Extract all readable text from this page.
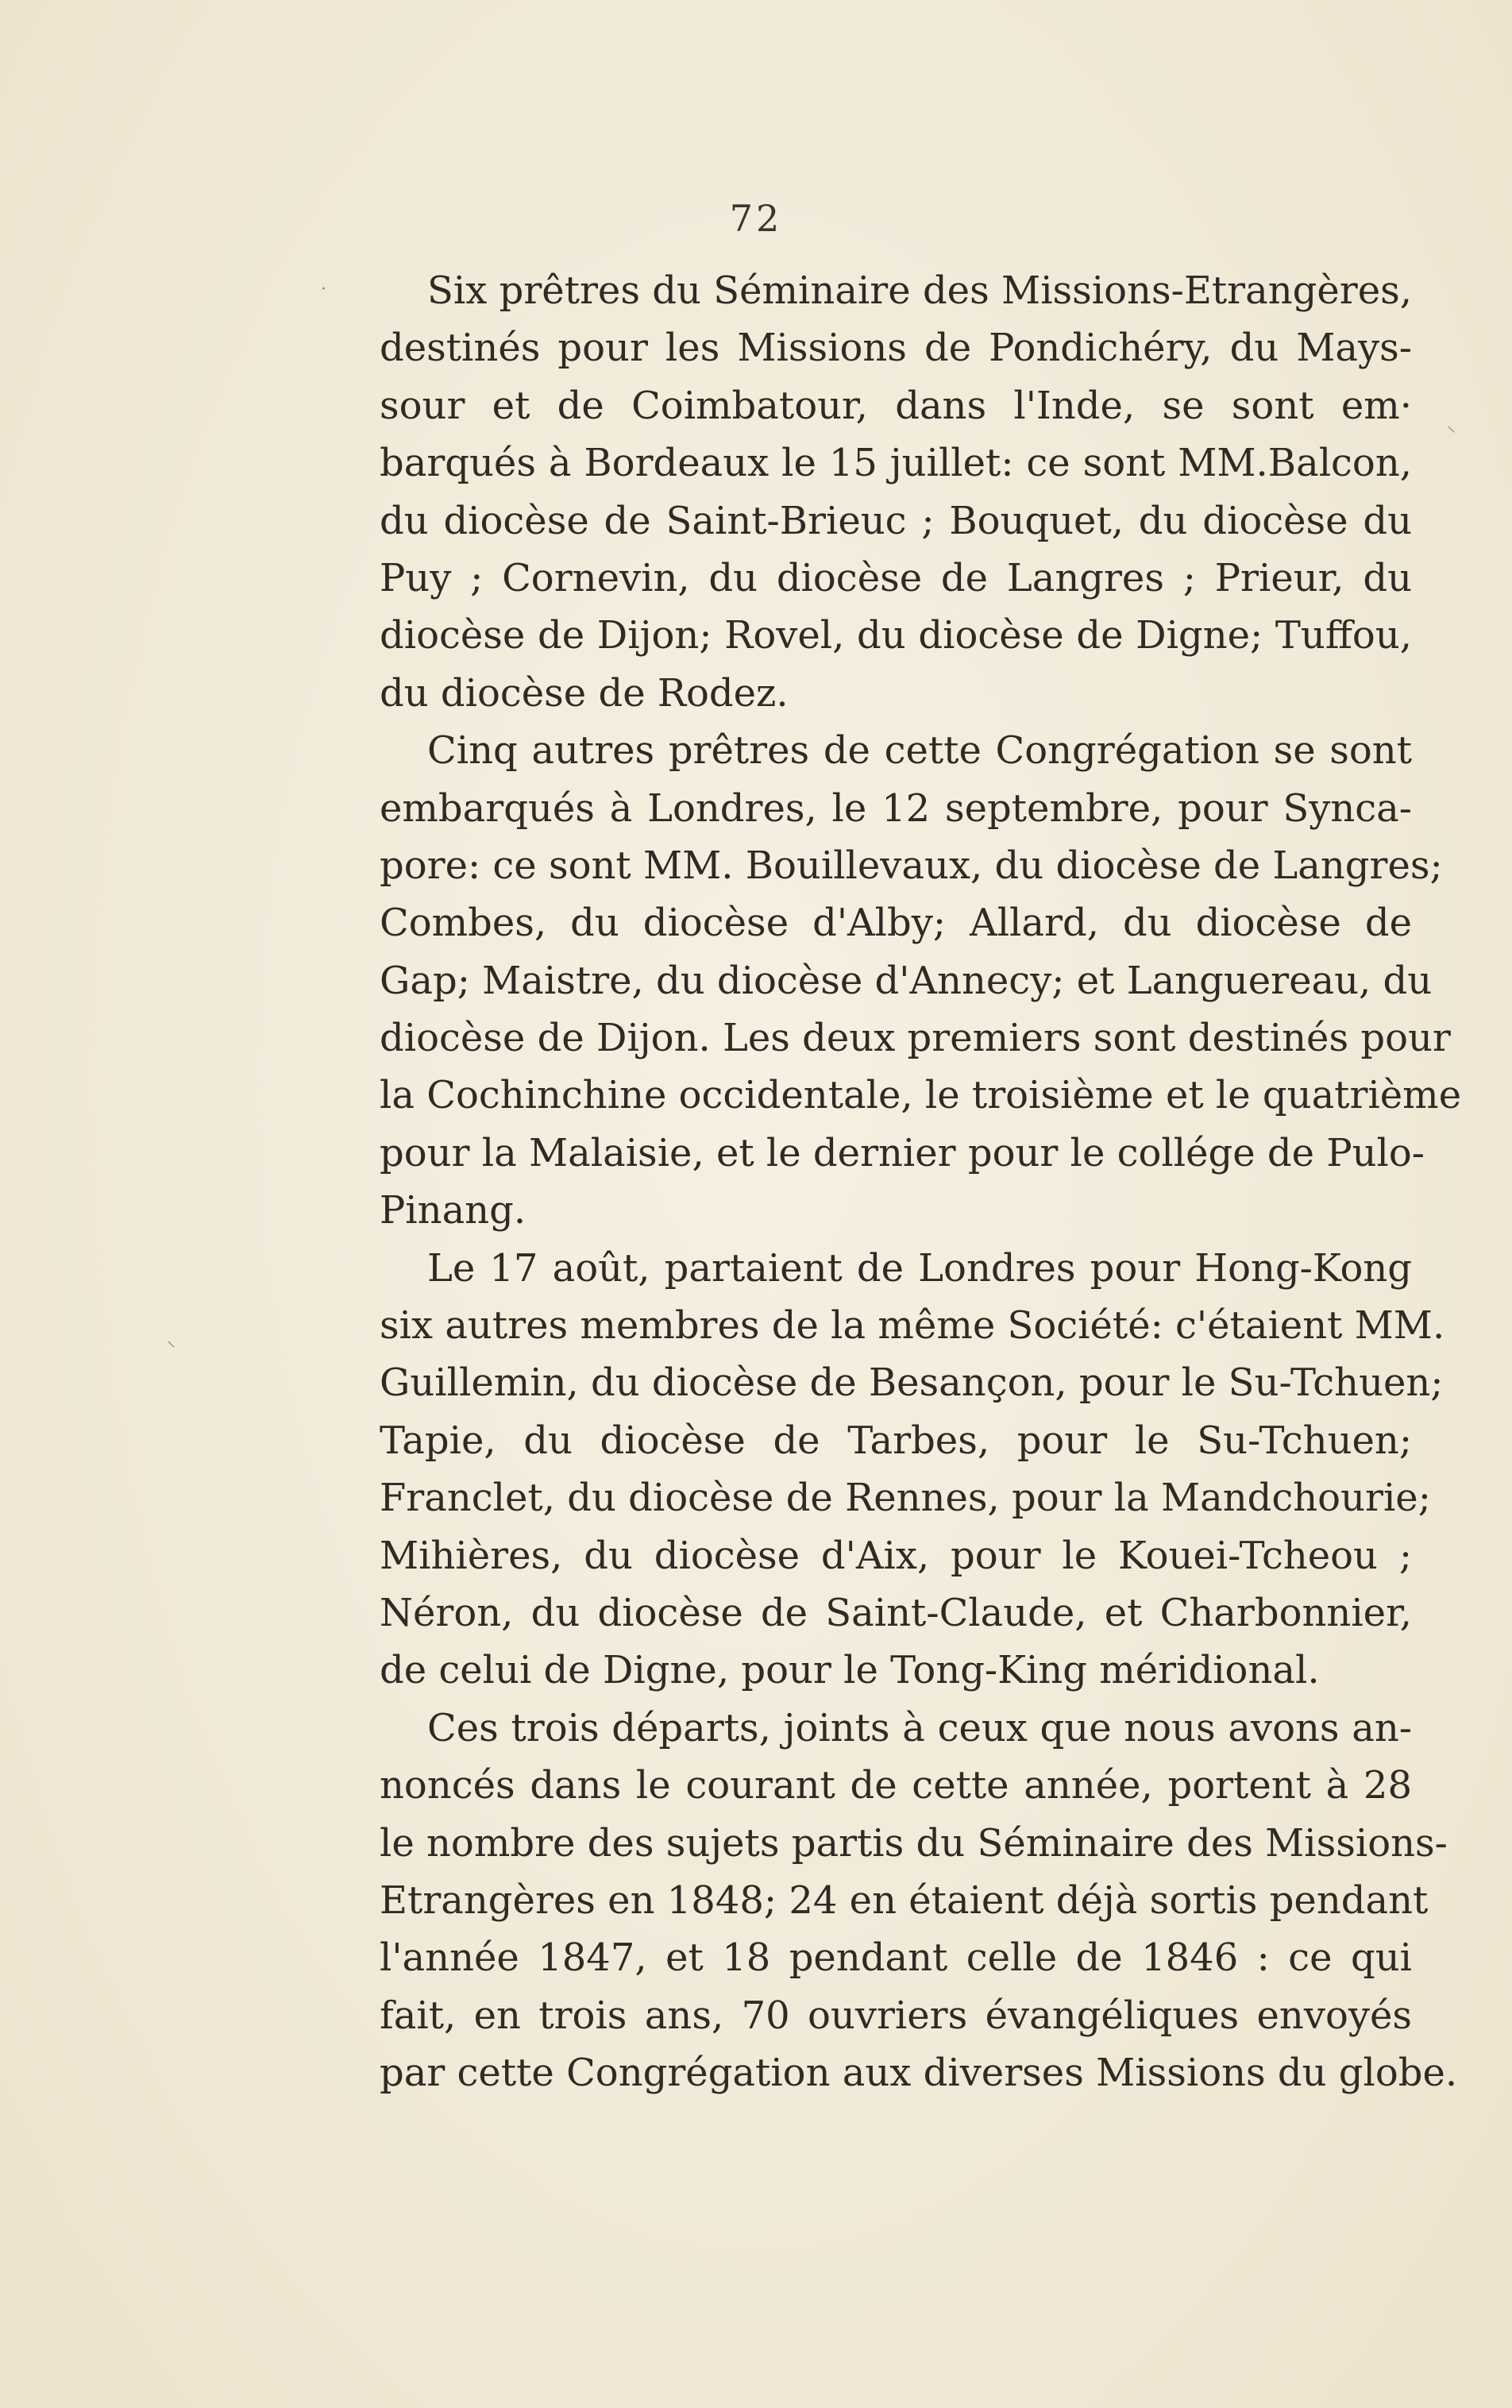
72
·
⸜
⸜
Six prêtres du Séminaire des Missions-Etrangères,
destinés pour les Missions de Pondichéry, du Mays-
sour et de Coimbatour, dans l'Inde, se sont em·
barqués à Bordeaux le 15 juillet: ce sont MM.Balcon,
du diocèse de Saint-Brieuc ; Bouquet, du diocèse du
Puy ; Cornevin, du diocèse de Langres ; Prieur, du
diocèse de Dijon; Rovel, du diocèse de Digne; Tuffou,
du diocèse de Rodez.
Cinq autres prêtres de cette Congrégation se sont
embarqués à Londres, le 12 septembre, pour Synca-
pore: ce sont MM. Bouillevaux, du diocèse de Langres;
Combes, du diocèse d'Alby; Allard, du diocèse de
Gap; Maistre, du diocèse d'Annecy; et Languereau, du
diocèse de Dijon. Les deux premiers sont destinés pour
la Cochinchine occidentale, le troisième et le quatrième
pour la Malaisie, et le dernier pour le collége de Pulo-
Pinang.
Le 17 août, partaient de Londres pour Hong-Kong
six autres membres de la même Société: c'étaient MM.
Guillemin, du diocèse de Besançon, pour le Su-Tchuen;
Tapie, du diocèse de Tarbes, pour le Su-Tchuen;
Franclet, du diocèse de Rennes, pour la Mandchourie;
Mihières, du diocèse d'Aix, pour le Kouei-Tcheou ;
Néron, du diocèse de Saint-Claude, et Charbonnier,
de celui de Digne, pour le Tong-King méridional.
Ces trois départs, joints à ceux que nous avons an-
noncés dans le courant de cette année, portent à 28
le nombre des sujets partis du Séminaire des Missions-
Etrangères en 1848; 24 en étaient déjà sortis pendant
l'année 1847, et 18 pendant celle de 1846 : ce qui
fait, en trois ans, 70 ouvriers évangéliques envoyés
par cette Congrégation aux diverses Missions du globe.
